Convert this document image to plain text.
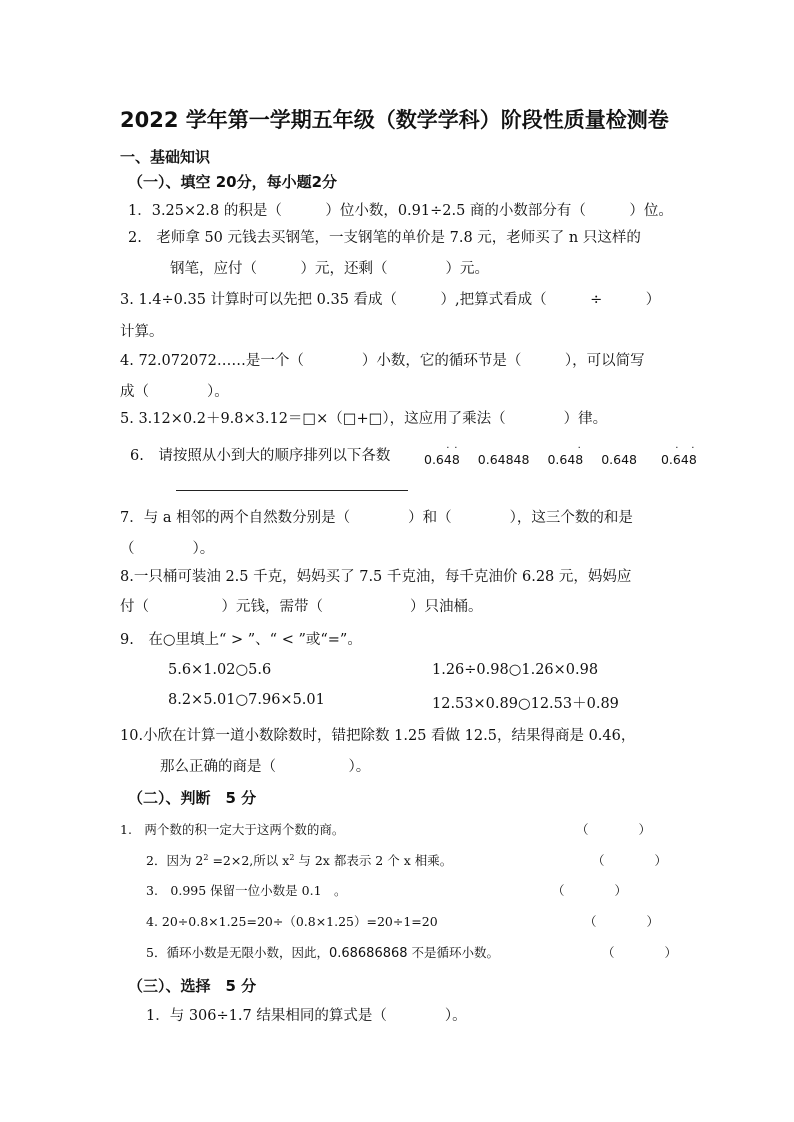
2022 学年第一学期五年级（数学学科）阶段性质量检测卷
一、基础知识
（一）、填空 20分，每小题2分
1．3.25×2.8 的积是（　　　）位小数，0.91÷2.5 商的小数部分有（　　　）位。
2.　老师拿 50 元钱去买钢笔，一支钢笔的单价是 7.8 元，老师买了 n 只这样的
钢笔，应付（　　　）元，还剩（　　　　）元。
3. 1.4÷0.35 计算时可以先把 0.35 看成（　　　）,把算式看成（　　　÷　　　）
计算。
4. 72.072072……是一个（　　　　）小数，它的循环节是（　　　），可以简写
成（　　　　）。
5. 3.12×0.2＋9.8×3.12＝□×（□+□），这应用了乘法（　　　　）律。
6.　请按照从小到大的顺序排列以下各数	0.6
·
4
·
8 0.64848 0.64
·
8 0.648 0.
·
64
·
8
7．与 a 相邻的两个自然数分别是（　　　　）和（　　　　），这三个数的和是
（　　　　）。
8.一只桶可装油 2.5 千克，妈妈买了 7.5 千克油，每千克油价 6.28 元，妈妈应
付（　　　　　）元钱，需带（　　　　　　）只油桶。
9.　在○里填上“ > ”、“ < ”或“=”。
5.6×1.02○5.6	1.26÷0.98○1.26×0.98
8.2×5.01○7.96×5.01	12.53×0.89○12.53＋0.89
10.小欣在计算一道小数除数时，错把除数 1.25 看做 12.5，结果得商是 0.46，
那么正确的商是（　　　　　）。
（二）、判断　5 分
1.　两个数的积一定大于这两个数的商。	（　　　　）
2．因为 $2^2 =2\times 2$,所以 $x^2$ 与 2x 都表示 2 个 x 相乘。	（　　　　）
3.　0.995 保留一位小数是 0.1　。	（　　　　）
4. 20÷0.8×1.25=20÷（0.8×1.25）=20÷1=20	（　　　　）
5．循环小数是无限小数，因此，0.68686868 不是循环小数。	（　　　　）
（三）、选择　5 分
1．与 306÷1.7 结果相同的算式是（　　　　）。
